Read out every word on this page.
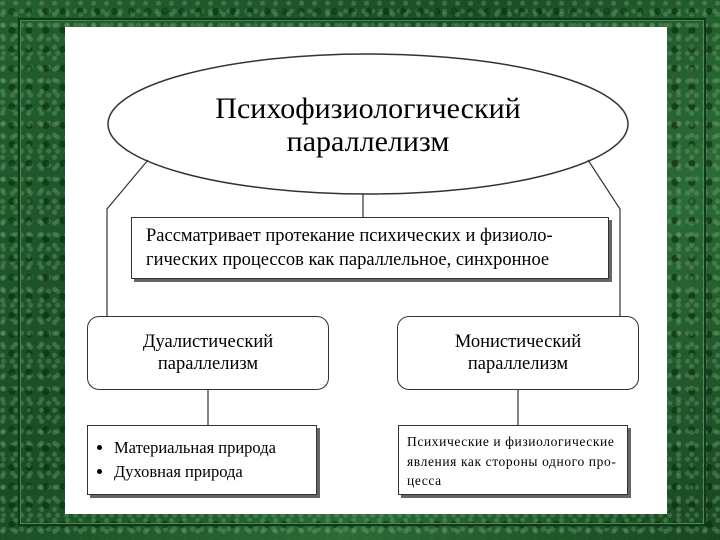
Психофизиологический
параллелизм
Рассматривает протекание психических и физиоло-
гических процессов как параллельное, синхронное
Дуалистический
параллелизм
Монистический
параллелизм
• Материальная природа
• Духовная природа
Психические и физиологические
явления как стороны одного про-
цесса
